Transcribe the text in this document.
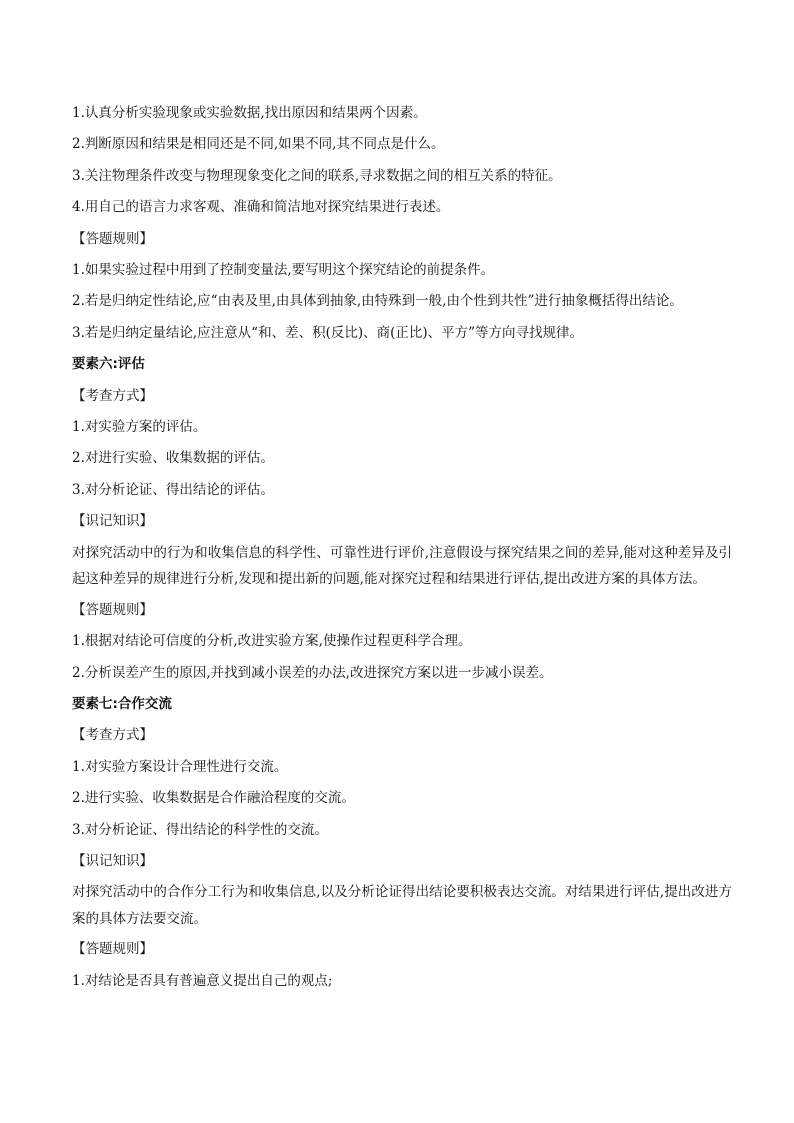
1.认真分析实验现象或实验数据,找出原因和结果两个因素。

2.判断原因和结果是相同还是不同,如果不同,其不同点是什么。

3.关注物理条件改变与物理现象变化之间的联系,寻求数据之间的相互关系的特征。

4.用自己的语言力求客观、准确和简洁地对探究结果进行表述。

【答题规则】

1.如果实验过程中用到了控制变量法,要写明这个探究结论的前提条件。

2.若是归纳定性结论,应“由表及里,由具体到抽象,由特殊到一般,由个性到共性”进行抽象概括得出结论。

3.若是归纳定量结论,应注意从“和、差、积(反比)、商(正比)、平方”等方向寻找规律。

要素六:评估

【考查方式】

1.对实验方案的评估。

2.对进行实验、收集数据的评估。

3.对分析论证、得出结论的评估。

【识记知识】

对探究活动中的行为和收集信息的科学性、可靠性进行评价,注意假设与探究结果之间的差异,能对这种差异及引起这种差异的规律进行分析,发现和提出新的问题,能对探究过程和结果进行评估,提出改进方案的具体方法。

【答题规则】

1.根据对结论可信度的分析,改进实验方案,使操作过程更科学合理。

2.分析误差产生的原因,并找到减小误差的办法,改进探究方案以进一步减小误差。

要素七:合作交流

【考查方式】

1.对实验方案设计合理性进行交流。

2.进行实验、收集数据是合作融洽程度的交流。

3.对分析论证、得出结论的科学性的交流。

【识记知识】

对探究活动中的合作分工行为和收集信息,以及分析论证得出结论要积极表达交流。对结果进行评估,提出改进方案的具体方法要交流。

【答题规则】

1.对结论是否具有普遍意义提出自己的观点;
